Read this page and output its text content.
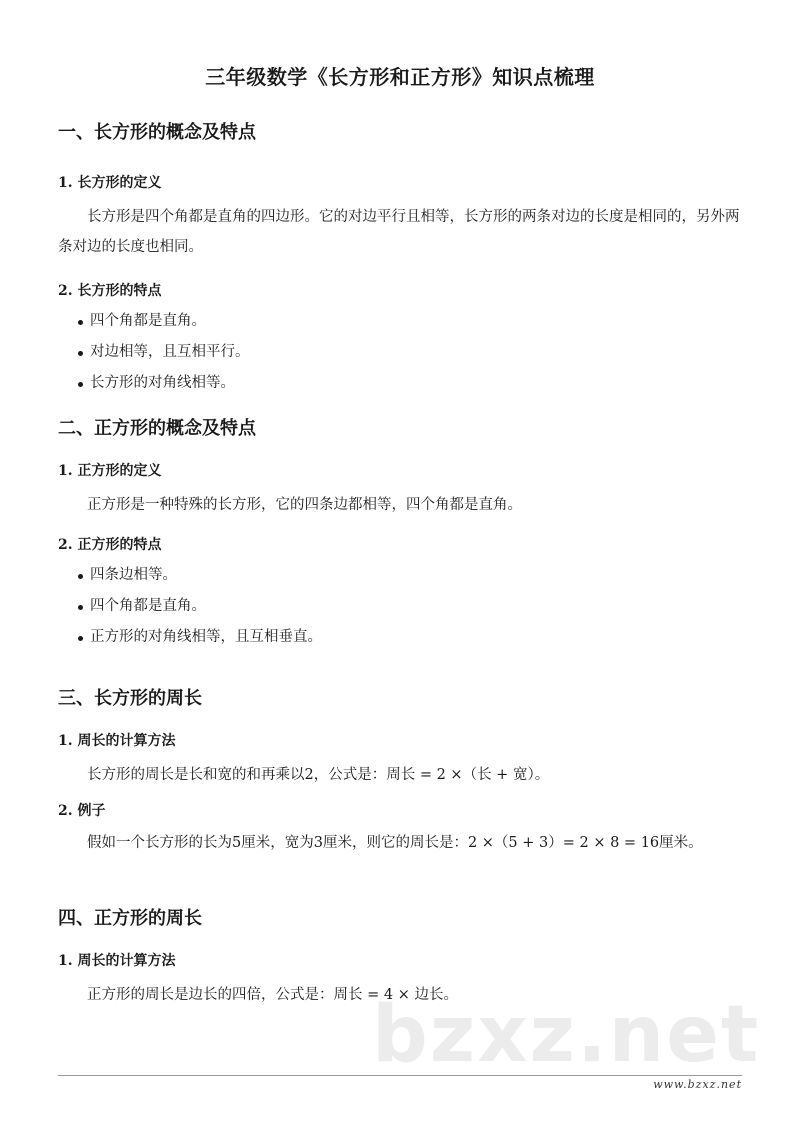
三年级数学《长方形和正方形》知识点梳理
一、长方形的概念及特点
1. 长方形的定义

长方形是四个角都是直角的四边形。它的对边平行且相等，长方形的两条对边的长度是相同的，另外两条对边的长度也相同。

2. 长方形的特点
四个角都是直角。
对边相等，且互相平行。
长方形的对角线相等。
二、正方形的概念及特点
1. 正方形的定义

正方形是一种特殊的长方形，它的四条边都相等，四个角都是直角。

2. 正方形的特点
四条边相等。
四个角都是直角。
正方形的对角线相等，且互相垂直。
三、长方形的周长
1. 周长的计算方法

长方形的周长是长和宽的和再乘以2，公式是：周长 = 2 ×（长 + 宽）。

2. 例子

假如一个长方形的长为5厘米，宽为3厘米，则它的周长是：2 ×（5 + 3）= 2 × 8 = 16厘米。

四、正方形的周长
1. 周长的计算方法

正方形的周长是边长的四倍，公式是：周长 = 4 × 边长。

bzxz.net
www.bzxz.net
